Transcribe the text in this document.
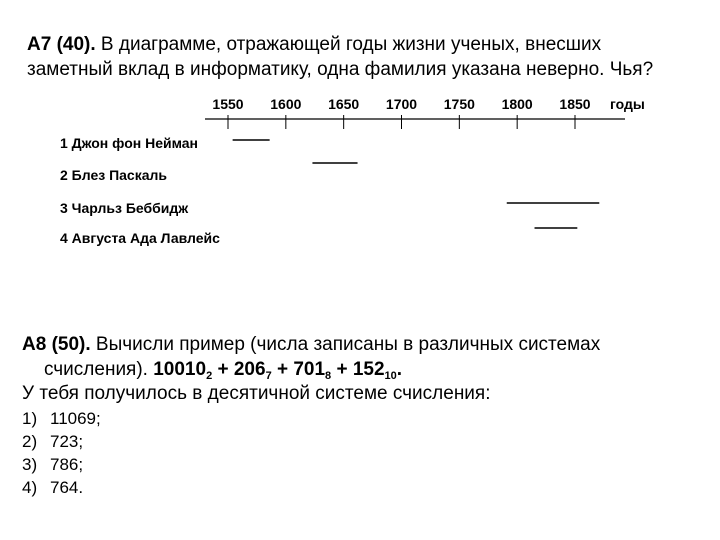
А7 (40). В диаграмме, отражающей годы жизни ученых, внесших
заметный вклад в информатику, одна фамилия указана неверно. Чья?
1550 1600 1650 1700 1750 1800 1850 годы
1 Джон фон Нейман
2 Блез Паскаль
3 Чарльз Беббидж
4 Августа Ада Лавлейс
А8 (50). Вычисли пример (числа записаны в различных системах
счисления). $10010_2 + 206_7 + 701_8 + 152_{10}$.
У тебя получилось в десятичной системе счисления:
1) 11069;
2) 723;
3) 786;
4) 764.
